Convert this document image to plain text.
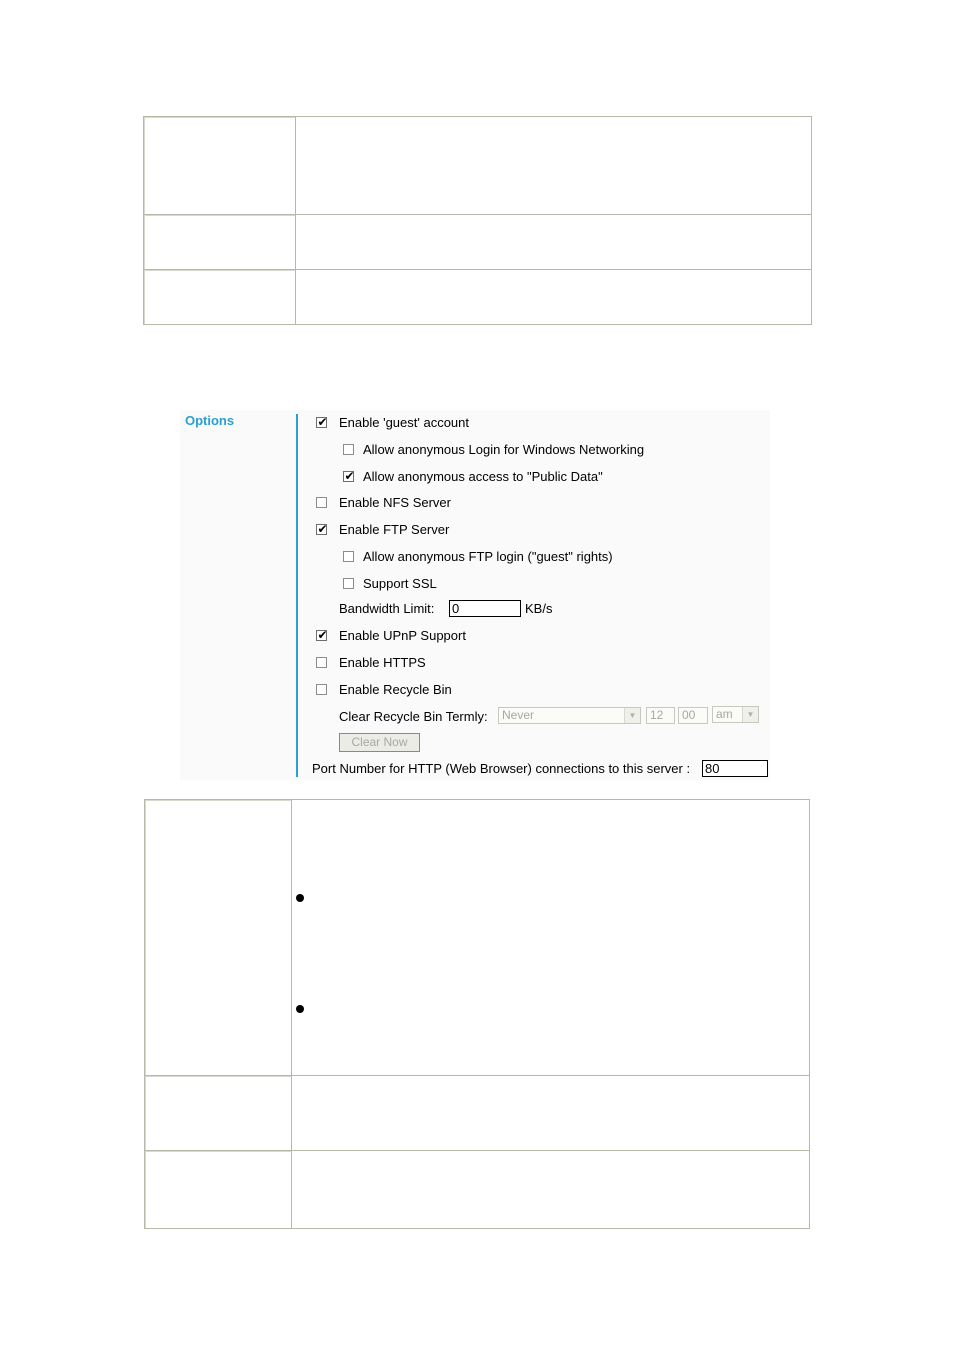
Options	✔ Enable 'guest' account
Allow anonymous Login for Windows Networking
✔ Allow anonymous access to "Public Data"
Enable NFS Server
✔ Enable FTP Server
Allow anonymous FTP login ("guest" rights)
Support SSL
Bandwidth Limit: 0	KB/s
✔ Enable UPnP Support
Enable HTTPS
Enable Recycle Bin
Clear Recycle Bin Termly:	Never	▼	12	00	am	▼
Clear Now
Port Number for HTTP (Web Browser) connections to this server : 80
